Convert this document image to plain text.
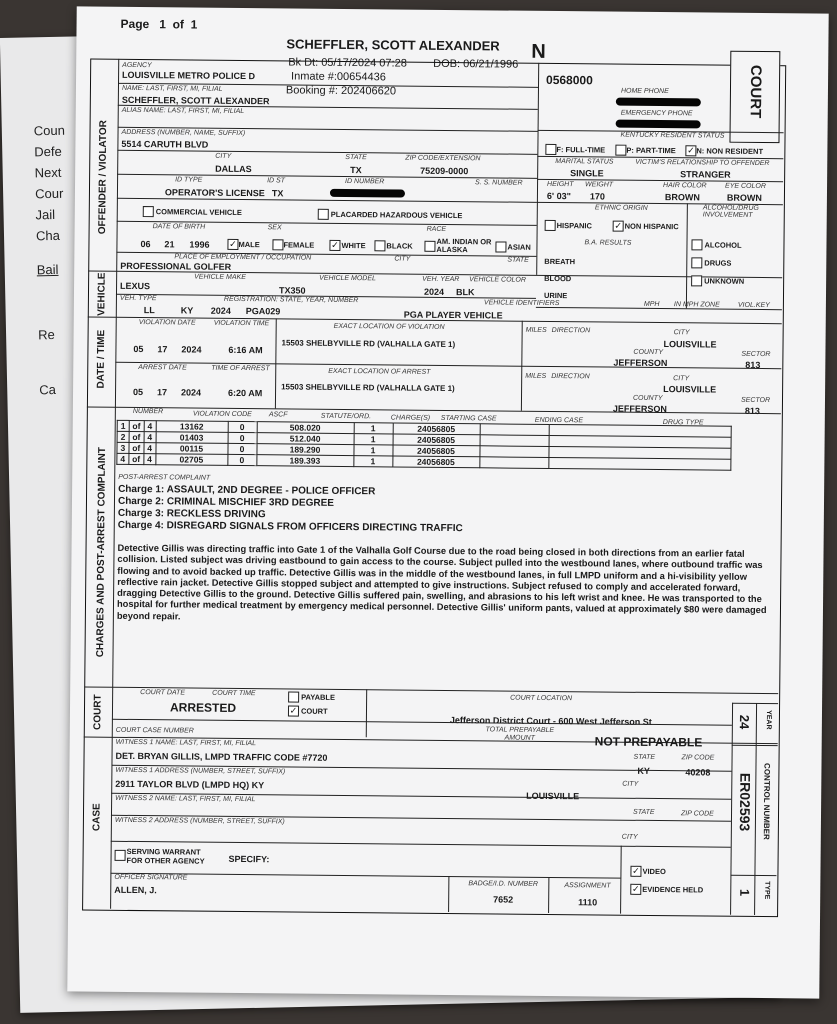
Coun
Defe
Next
Cour
Jail
Cha
Bail
Re
Ca
Page 1 of 1
SCHEFFLER, SCOTT ALEXANDER N
Bk Dt: 05/17/2024 07:28 DOB: 06/21/1996
Inmate #:00654436
Booking #: 202406620	COURT
0568000
OFFENDER / VIOLATOR
VEHICLE
DATE / TIME
CHARGES AND POST-ARREST COMPLAINT
COURT
CASE
AGENCY
LOUISVILLE METRO POLICE D
NAME: LAST, FIRST, MI, FILIAL
SCHEFFLER, SCOTT ALEXANDER
ALIAS NAME: LAST, FIRST, MI, FILIAL
ADDRESS (NUMBER, NAME, SUFFIX)
5514 CARUTH BLVD
CITY	STATE	ZIP CODE/EXTENSION
DALLAS	TX	75209-0000
ID TYPE	ID ST	ID NUMBER	S. S. NUMBER
OPERATOR'S LICENSE TX
COMMERCIAL VEHICLE	PLACARDED HAZARDOUS VEHICLE
DATE OF BIRTH	SEX	RACE
06 21 1996 ✓ MALE	FEMALE ✓ WHITE	BLACK	AM. INDIAN OR ALASKA	ASIAN
PLACE OF EMPLOYMENT / OCCUPATION	CITY	STATE
PROFESSIONAL GOLFER
HOME PHONE
EMERGENCY PHONE
KENTUCKY RESIDENT STATUS
F: FULL-TIME	P: PART-TIME ✓ N: NON RESIDENT
MARITAL STATUS	VICTIM'S RELATIONSHIP TO OFFENDER
SINGLE	STRANGER
HEIGHT WEIGHT	HAIR COLOR	EYE COLOR
6' 03" 170	BROWN	BROWN
ETHNIC ORIGIN	ALCOHOL/DRUG INVOLVEMENT
HISPANIC ✓ NON HISPANIC
B.A. RESULTS
BREATH
BLOOD
URINE
ALCOHOL
DRUGS
UNKNOWN
VEHICLE MAKE	VEHICLE MODEL	VEH. YEAR VEHICLE COLOR
LEXUS	TX350	2024 BLK
VEH. TYPE	REGISTRATION: STATE, YEAR, NUMBER	VEHICLE IDENTIFIERS	MPH IN MPH ZONE	VIOL.KEY
LL	KY 2024 PGA029	PGA PLAYER VEHICLE
VIOLATION DATE	VIOLATION TIME	EXACT LOCATION OF VIOLATION	MILES DIRECTION	CITY
05 17 2024	6:16 AM
15503 SHELBYVILLE RD (VALHALLA GATE 1)	LOUISVILLE
COUNTY	SECTOR
JEFFERSON	813
ARREST DATE	TIME OF ARREST	EXACT LOCATION OF ARREST
MILES DIRECTION	CITY
05 17 2024	6:20 AM 15503 SHELBYVILLE RD (VALHALLA GATE 1)	LOUISVILLE
COUNTY	SECTOR
JEFFERSON	813
NUMBER	VIOLATION CODE ASCF	STATUTE/ORD.	CHARGE(S) STARTING CASE	ENDING CASE	DRUG TYPE
1	of	4	13162	0	508.020	1	24056805		
2	of	4	01403	0	512.040	1	24056805		
3	of	4	00115	0	189.290	1	24056805		
4	of	4	02705	0	189.393	1	24056805		
POST-ARREST COMPLAINT
Charge 1: ASSAULT, 2ND DEGREE - POLICE OFFICER
Charge 2: CRIMINAL MISCHIEF 3RD DEGREE
Charge 3: RECKLESS DRIVING
Charge 4: DISREGARD SIGNALS FROM OFFICERS DIRECTING TRAFFIC
Detective Gillis was directing traffic into Gate 1 of the Valhalla Golf Course due to the road being closed in both directions from an earlier fatal collision. Listed subject was driving eastbound to gain access to the course. Subject pulled into the westbound lanes, where outbound traffic was flowing and to avoid backed up traffic. Detective Gillis was in the middle of the westbound lanes, in full LMPD uniform and a hi-visibility yellow reflective rain jacket. Detective Gillis stopped subject and attempted to give instructions. Subject refused to comply and accelerated forward, dragging Detective Gillis to the ground. Detective Gillis suffered pain, swelling, and abrasions to his left wrist and knee. He was transported to the hospital for further medical treatment by emergency medical personnel. Detective Gillis' uniform pants, valued at approximately $80 were damaged beyond repair.
COURT DATE	COURT TIME
ARRESTED
PAYABLE
✓ COURT
COURT LOCATION
Jefferson District Court - 600 West Jefferson St
COURT CASE NUMBER	TOTAL PREPAYABLE AMOUNT	NOT PREPAYABLE
24 YEAR
ER02593 CONTROL NUMBER
1 TYPE
WITNESS 1 NAME: LAST, FIRST, MI, FILIAL
DET. BRYAN GILLIS, LMPD TRAFFIC CODE #7720	STATE	ZIP CODE
KY	40208
WITNESS 1 ADDRESS (NUMBER, STREET, SUFFIX)
2911 TAYLOR BLVD (LMPD HQ) KY	CITY
LOUISVILLE
WITNESS 2 NAME: LAST, FIRST, MI, FILIAL
STATE	ZIP CODE
WITNESS 2 ADDRESS (NUMBER, STREET, SUFFIX)
CITY
SERVING WARRANT FOR OTHER AGENCY	SPECIFY:
✓ VIDEO
✓ EVIDENCE HELD
OFFICER SIGNATURE
BADGE/I.D. NUMBER	ASSIGNMENT
ALLEN, J.
7652	1110
